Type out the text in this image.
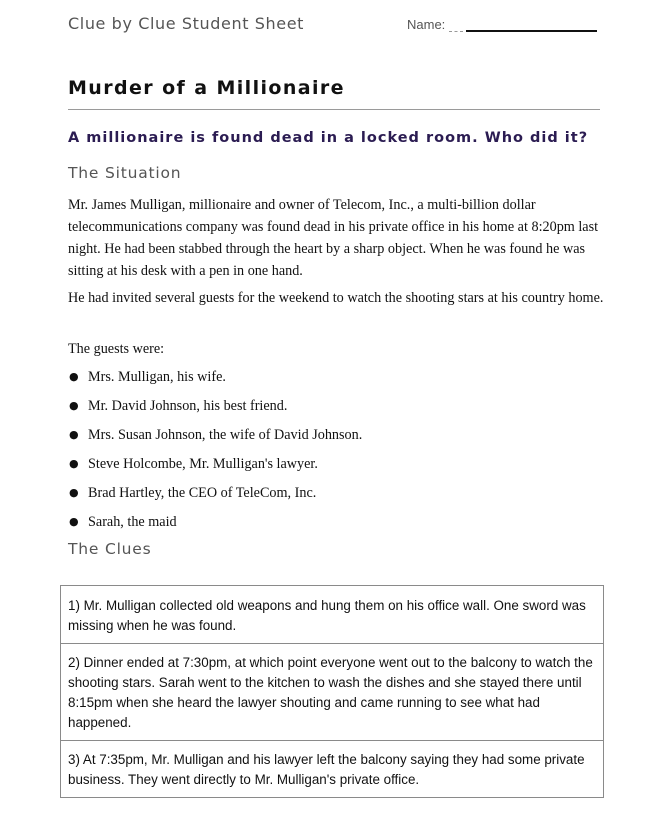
Clue by Clue Student Sheet	Name:
Murder of a Millionaire
A millionaire is found dead in a locked room. Who did it?
The Situation
Mr. James Mulligan, millionaire and owner of Telecom, Inc., a multi-billion dollar telecommunications company was found dead in his private office in his home at 8:20pm last night. He had been stabbed through the heart by a sharp object. When he was found he was sitting at his desk with a pen in one hand.
He had invited several guests for the weekend to watch the shooting stars at his country home.
The guests were:
● Mrs. Mulligan, his wife.
● Mr. David Johnson, his best friend.
● Mrs. Susan Johnson, the wife of David Johnson.
● Steve Holcombe, Mr. Mulligan's lawyer.
● Brad Hartley, the CEO of TeleCom, Inc.
● Sarah, the maid
The Clues
1) Mr. Mulligan collected old weapons and hung them on his office wall. One sword was missing when he was found.
2) Dinner ended at 7:30pm, at which point everyone went out to the balcony to watch the shooting stars. Sarah went to the kitchen to wash the dishes and she stayed there until 8:15pm when she heard the lawyer shouting and came running to see what had happened.
3) At 7:35pm, Mr. Mulligan and his lawyer left the balcony saying they had some private business. They went directly to Mr. Mulligan's private office.
